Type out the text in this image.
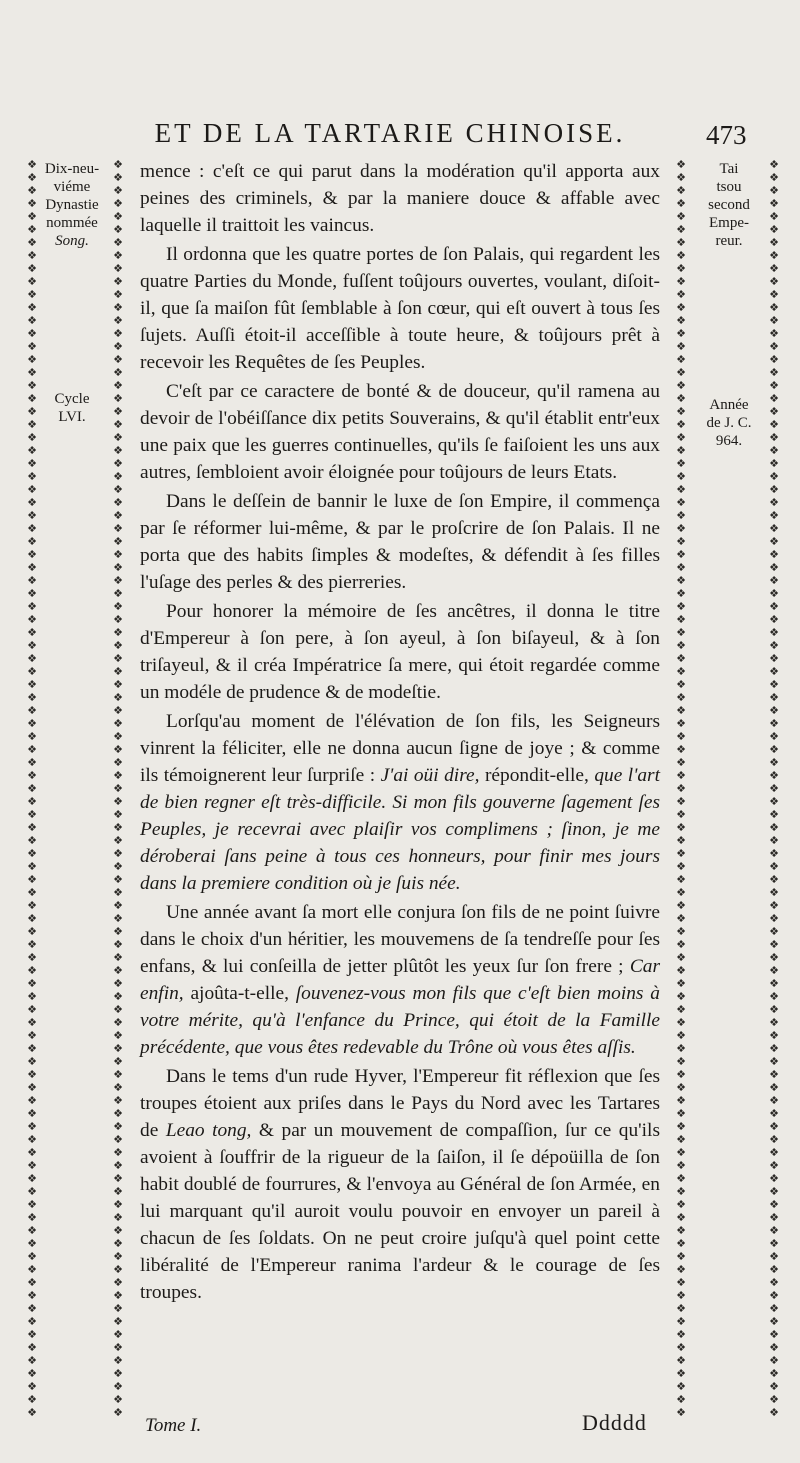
ET DE LA TARTARIE CHINOISE.	473
❖
❖
❖
❖
❖
❖
❖
❖
❖
❖
❖
❖
❖
❖
❖
❖
❖
❖
❖
❖
❖
❖
❖
❖
❖
❖
❖
❖
❖
❖
❖
❖
❖
❖
❖
❖
❖
❖
❖
❖
❖
❖
❖
❖
❖
❖
❖
❖
❖
❖
❖
❖
❖
❖
❖
❖
❖
❖
❖
❖
❖
❖
❖
❖
❖
❖
❖
❖
❖
❖
❖
❖
❖
❖
❖
❖
❖
❖
❖
❖
❖
❖
❖
❖
❖
❖
❖
❖
❖
❖
❖
❖
❖
❖
❖
❖
❖
❖
❖
❖
❖
❖
❖
❖
❖
❖
❖
❖
❖
❖
❖
❖
❖
❖
❖
❖
❖
❖
❖
❖
❖
❖
❖
❖
❖
❖
❖
❖
❖
❖
❖
❖
❖
❖
❖
❖
❖
❖
❖
❖
❖
❖
❖
❖
❖
❖
❖
❖
❖
❖
❖
❖
❖
❖
❖
❖
❖
❖
❖
❖
❖
❖
❖
❖
❖
❖
❖
❖
❖
❖
❖
❖
❖
❖
❖
❖
❖
❖
❖
❖
❖
❖
❖
❖
❖
❖
❖
❖
❖
❖
❖
❖
❖
❖
❖
❖
❖
❖
❖
❖
❖
❖
❖
❖
❖
❖
❖
❖
❖
❖
❖
❖
❖
❖
❖
❖
❖
❖
❖
❖
❖
❖
❖
❖
❖
❖
❖
❖
❖
❖
❖
❖
❖
❖
❖
❖
❖
❖
❖
❖
❖
❖
❖
❖
❖
❖
❖
❖
❖
❖
❖
❖
❖
❖
❖
❖
❖
❖
❖
❖
❖
❖
❖
❖
❖
❖
❖
❖
❖
❖
❖
❖
❖
❖
❖
❖
❖
❖
❖
❖
❖
❖
❖
❖
❖
❖
❖
❖
❖
❖
❖
❖
❖
❖
❖
❖
❖
❖
❖
❖
❖
❖
❖
❖
❖
❖
❖
❖
❖
❖
❖
❖
❖
❖
❖
❖
❖
❖
❖
❖
❖
❖
❖
❖
❖
❖
❖
❖
❖
❖
❖
❖
❖
❖
❖
❖
❖
❖
❖
❖
❖
❖
❖
❖
❖
❖
❖
❖
❖
❖
❖
❖
❖
❖
❖
❖
❖
❖
❖
❖
❖
❖
❖
❖
❖
❖
❖
❖
❖
❖
❖
❖
❖
❖
❖
❖
❖
❖
❖
❖
❖
❖
❖
❖
❖
❖
❖
❖
Dix-neu-
viéme
Dynastie
nommée
Song.
Cycle
LVI.
Tai
tsou
second
Empe-
reur.
Année
de J. C.
964.

mence : c'eſt ce qui parut dans la modération qu'il apporta aux peines des criminels, & par la maniere douce & affable avec laquelle il traittoit les vaincus.

Il ordonna que les quatre portes de ſon Palais, qui regardent les quatre Parties du Monde, fuſſent toûjours ouvertes, voulant, diſoit-il, que ſa maiſon fût ſemblable à ſon cœur, qui eſt ouvert à tous ſes ſujets. Auſſi étoit-il acceſſible à toute heure, & toûjours prêt à recevoir les Requêtes de ſes Peuples.

C'eſt par ce caractere de bonté & de douceur, qu'il ramena au devoir de l'obéiſſance dix petits Souverains, & qu'il établit entr'eux une paix que les guerres continuelles, qu'ils ſe faiſoient les uns aux autres, ſembloient avoir éloignée pour toûjours de leurs Etats.

Dans le deſſein de bannir le luxe de ſon Empire, il commença par ſe réformer lui-même, & par le proſcrire de ſon Palais. Il ne porta que des habits ſimples & modeſtes, & défendit à ſes filles l'uſage des perles & des pierreries.

Pour honorer la mémoire de ſes ancêtres, il donna le titre d'Empereur à ſon pere, à ſon ayeul, à ſon biſayeul, & à ſon triſayeul, & il créa Impératrice ſa mere, qui étoit regardée comme un modéle de prudence & de modeſtie.

Lorſqu'au moment de l'élévation de ſon fils, les Seigneurs vinrent la féliciter, elle ne donna aucun ſigne de joye ; & comme ils témoignerent leur ſurpriſe : J'ai oüi dire, répondit-elle, que l'art de bien regner eſt très-difficile. Si mon fils gouverne ſagement ſes Peuples, je recevrai avec plaiſir vos complimens ; ſinon, je me déroberai ſans peine à tous ces honneurs, pour finir mes jours dans la premiere condition où je ſuis née.

Une année avant ſa mort elle conjura ſon fils de ne point ſuivre dans le choix d'un héritier, les mouvemens de ſa tendreſſe pour ſes enfans, & lui conſeilla de jetter plûtôt les yeux ſur ſon frere ; Car enfin, ajoûta-t-elle, ſouvenez-vous mon fils que c'eſt bien moins à votre mérite, qu'à l'enfance du Prince, qui étoit de la Famille précédente, que vous êtes redevable du Trône où vous êtes aſſis.

Dans le tems d'un rude Hyver, l'Empereur fit réflexion que ſes troupes étoient aux priſes dans le Pays du Nord avec les Tartares de Leao tong, & par un mouvement de compaſſion, ſur ce qu'ils avoient à ſouffrir de la rigueur de la ſaiſon, il ſe dépoüilla de ſon habit doublé de fourrures, & l'envoya au Général de ſon Armée, en lui marquant qu'il auroit voulu pouvoir en envoyer un pareil à chacun de ſes ſoldats. On ne peut croire juſqu'à quel point cette libéralité de l'Empereur ranima l'ardeur & le courage de ſes troupes.

Tome I.	Ddddd
